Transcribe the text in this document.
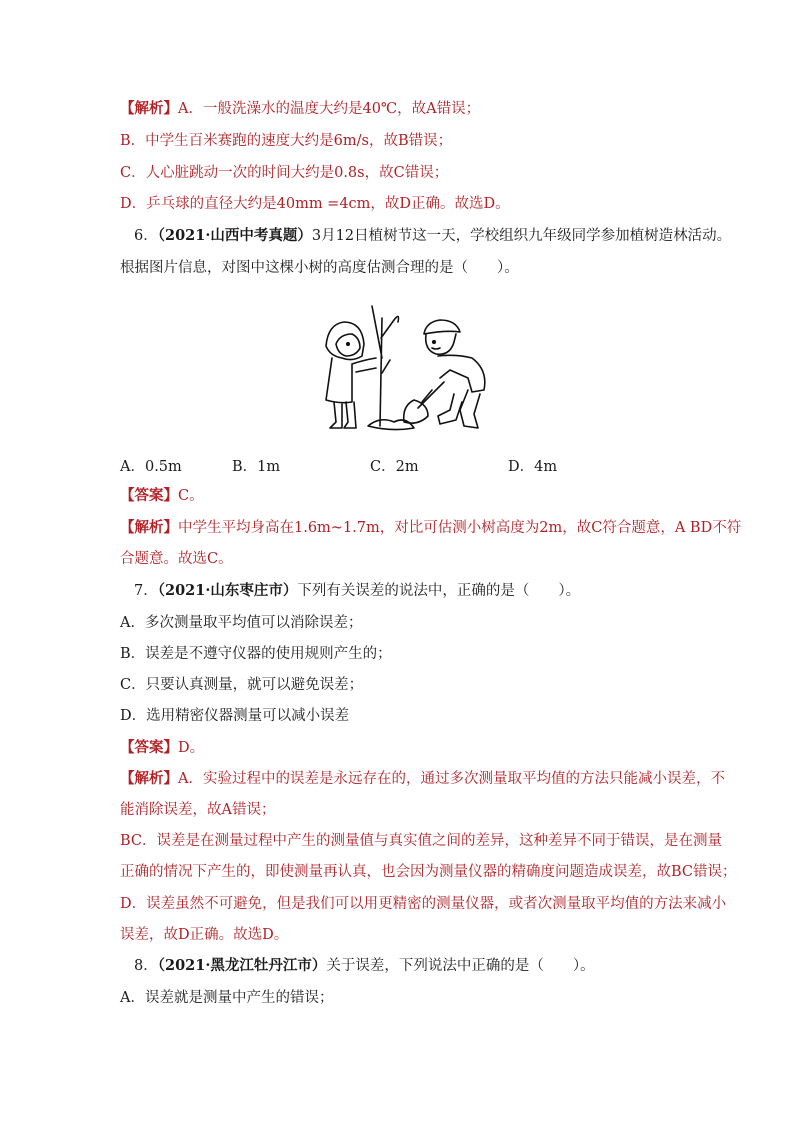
【解析】A．一般洗澡水的温度大约是40℃，故A错误；
B．中学生百米赛跑的速度大约是6m/s，故B错误；
C．人心脏跳动一次的时间大约是0.8s，故C错误；
D．乒乓球的直径大约是40mm =4cm，故D正确。故选D。
6．（2021·山西中考真题）3月12日植树节这一天，学校组织九年级同学参加植树造林活动。
根据图片信息，对图中这棵小树的高度估测合理的是（　　）。
A．0.5m	B．1m	C．2m	D．4m
【答案】C。
【解析】中学生平均身高在1.6m~1.7m，对比可估测小树高度为2m，故C符合题意，A BD不符
合题意。故选C。
7．（2021·山东枣庄市）下列有关误差的说法中，正确的是（　　）。
A．多次测量取平均值可以消除误差；
B．误差是不遵守仪器的使用规则产生的；
C．只要认真测量，就可以避免误差；
D．选用精密仪器测量可以减小误差
【答案】D。
【解析】A．实验过程中的误差是永远存在的，通过多次测量取平均值的方法只能减小误差，不
能消除误差，故A错误；
BC．误差是在测量过程中产生的测量值与真实值之间的差异，这种差异不同于错误，是在测量
正确的情况下产生的，即使测量再认真，也会因为测量仪器的精确度问题造成误差，故BC错误；
D．误差虽然不可避免，但是我们可以用更精密的测量仪器，或者次测量取平均值的方法来减小
误差，故D正确。故选D。
8．（2021·黑龙江牡丹江市）关于误差，下列说法中正确的是（　　）。
A．误差就是测量中产生的错误；
